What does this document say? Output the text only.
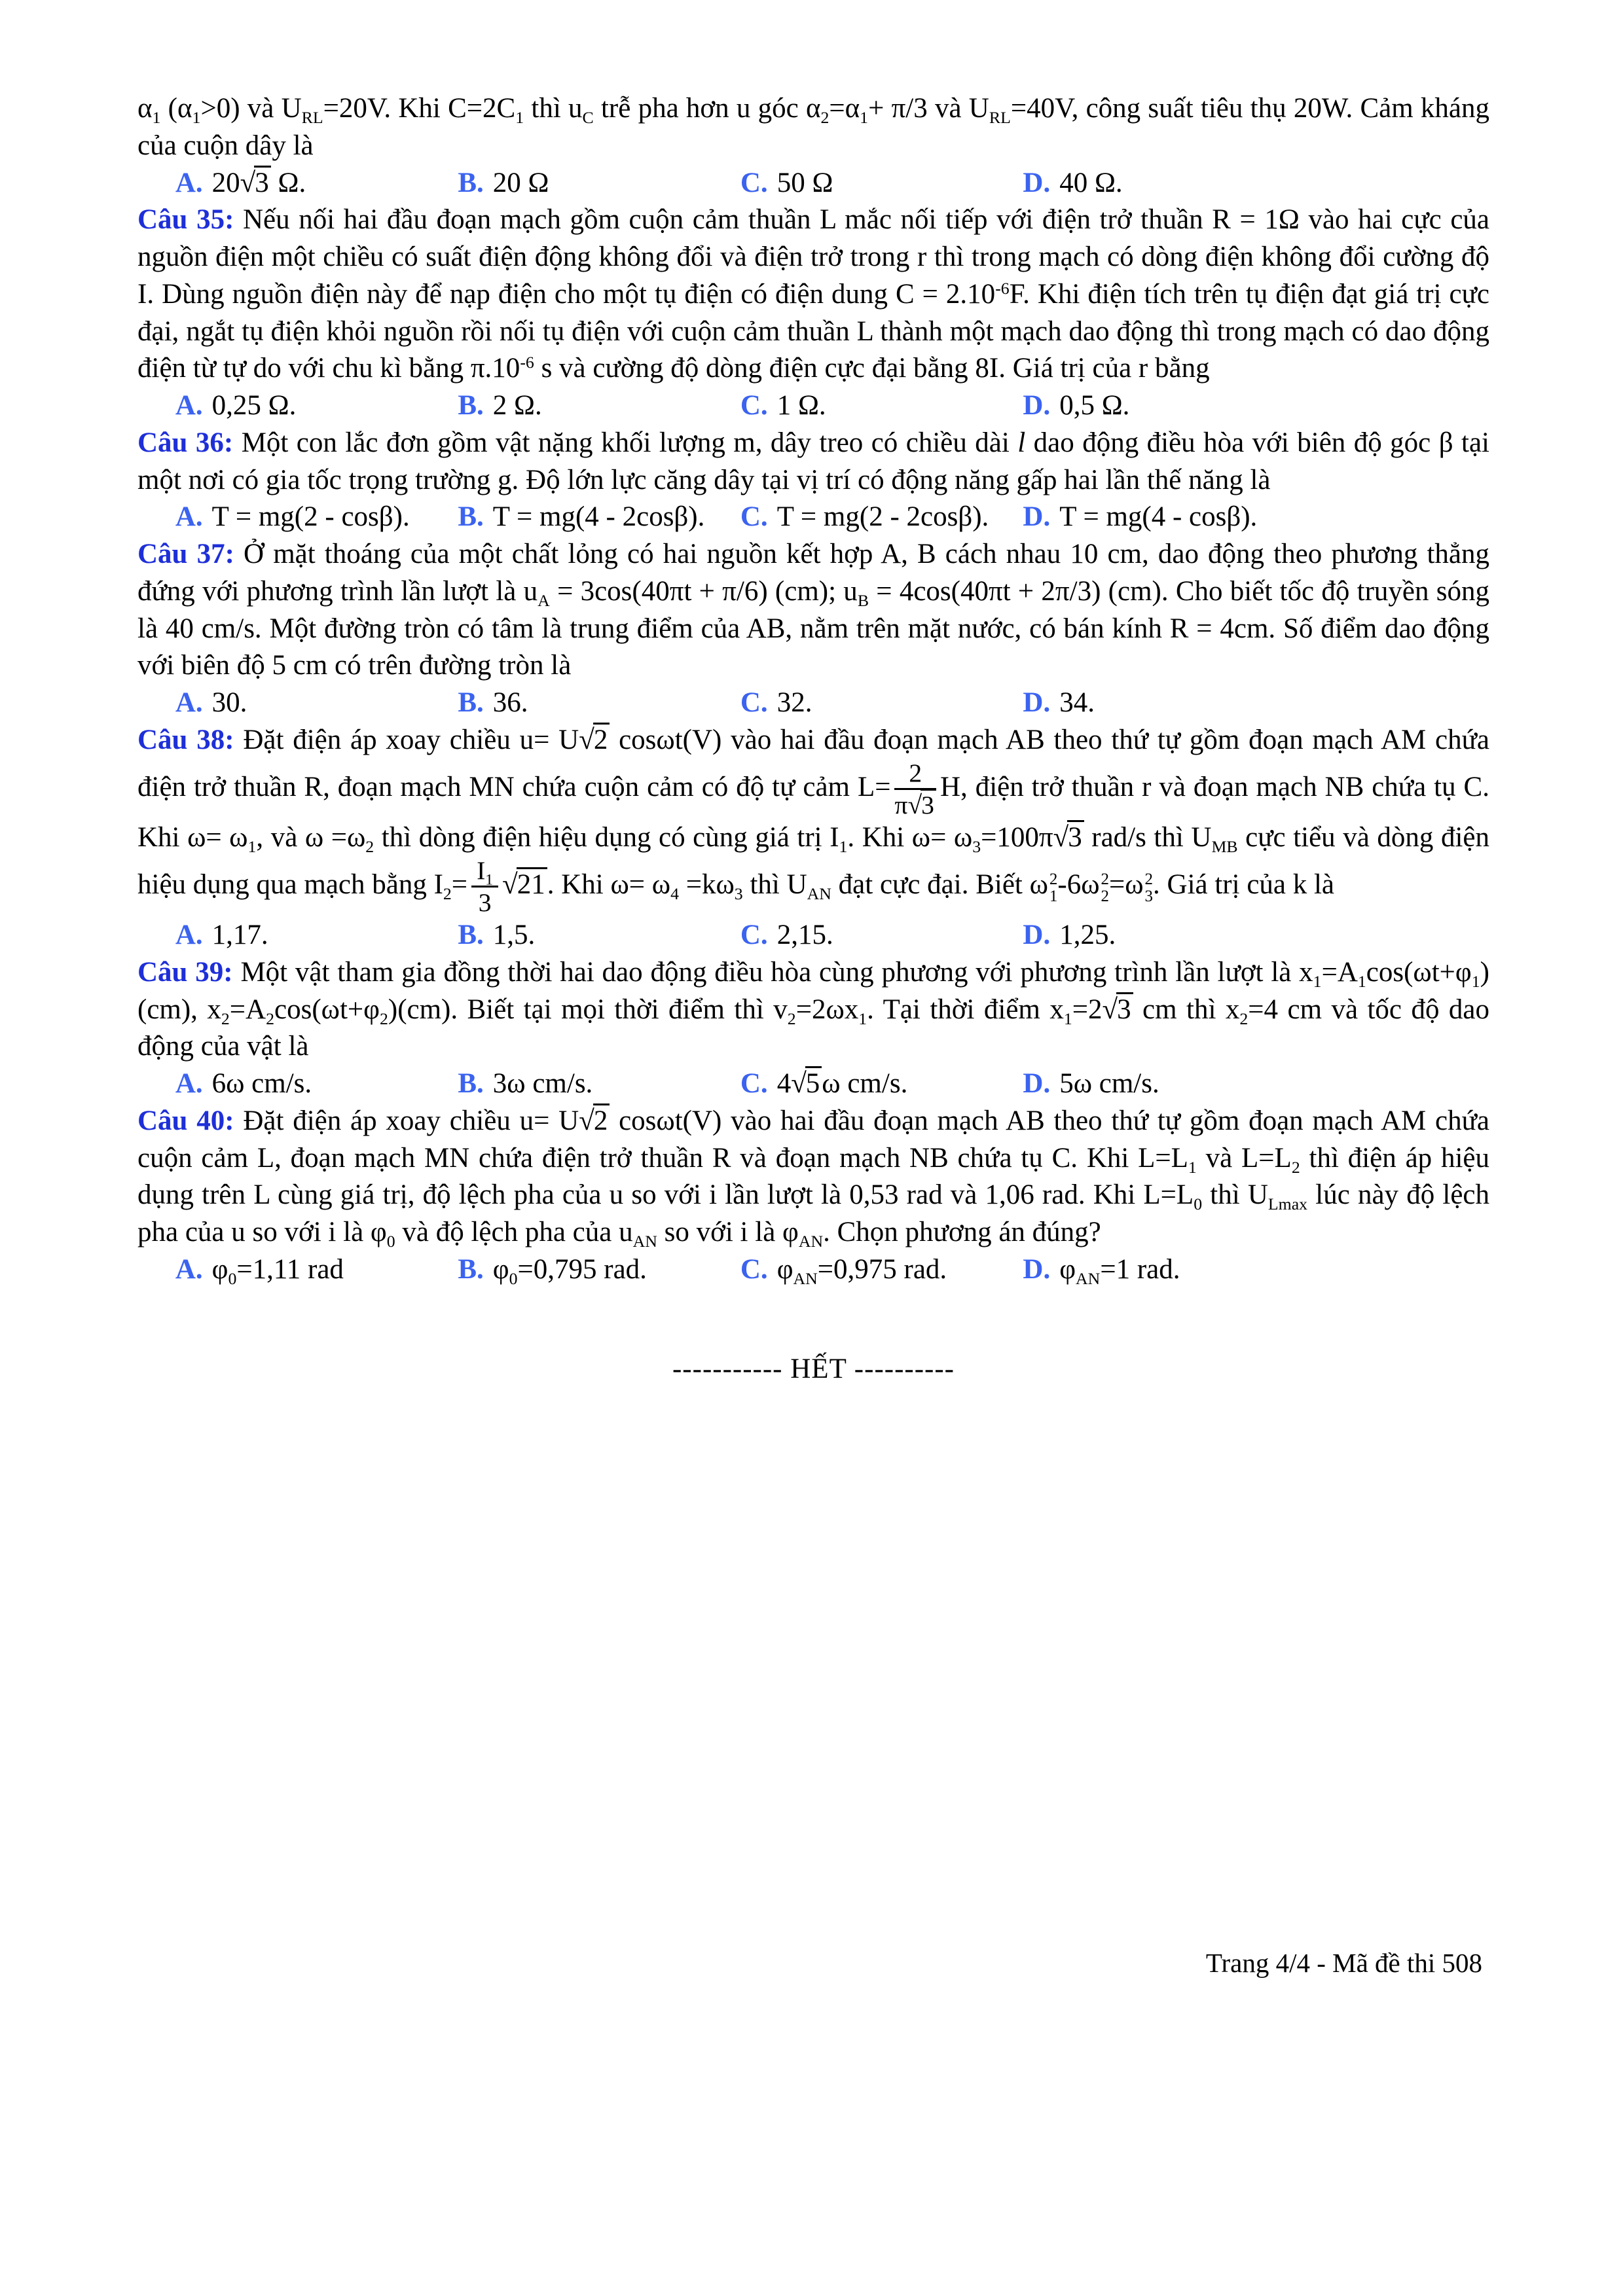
$\alpha_1$ $(\alpha_1>0)$ và $U_{RL}=20V$. Khi $C=2C_1$ thì $u_C$ trễ pha hơn u góc $\alpha_2=\alpha_1+ \pi/3$ và $U_{RL}=40V$, công suất tiêu thụ 20W. Cảm kháng của cuộn dây là

A. 20√3 Ω.	B. 20 Ω	C. 50 Ω	D. 40 Ω.

Câu 35: Nếu nối hai đầu đoạn mạch gồm cuộn cảm thuần L mắc nối tiếp với điện trở thuần R = 1Ω vào hai cực của nguồn điện một chiều có suất điện động không đổi và điện trở trong r thì trong mạch có dòng điện không đổi cường độ I. Dùng nguồn điện này để nạp điện cho một tụ điện có điện dung $C = 2.10^{-6}F$. Khi điện tích trên tụ điện đạt giá trị cực đại, ngắt tụ điện khỏi nguồn rồi nối tụ điện với cuộn cảm thuần L thành một mạch dao động thì trong mạch có dao động điện từ tự do với chu kì bằng $\pi.10^{-6}$ s và cường độ dòng điện cực đại bằng 8I. Giá trị của r bằng

A. 0,25 Ω.	B. 2 Ω.	C. 1 Ω.	D. 0,5 Ω.

Câu 36: Một con lắc đơn gồm vật nặng khối lượng m, dây treo có chiều dài l dao động điều hòa với biên độ góc β tại một nơi có gia tốc trọng trường g. Độ lớn lực căng dây tại vị trí có động năng gấp hai lần thế năng là

A. T = mg(2 - cosβ).	B. T = mg(4 - 2cosβ).	C. T = mg(2 - 2cosβ).	D. T = mg(4 - cosβ).

Câu 37: Ở mặt thoáng của một chất lỏng có hai nguồn kết hợp A, B cách nhau 10 cm, dao động theo phương thẳng đứng với phương trình lần lượt là $u_A = 3\cos(40\pi t + \pi/6)$ (cm); $u_B = 4\cos(40\pi t + 2\pi/3)$ (cm). Cho biết tốc độ truyền sóng là 40 cm/s. Một đường tròn có tâm là trung điểm của AB, nằm trên mặt nước, có bán kính R = 4cm. Số điểm dao động với biên độ 5 cm có trên đường tròn là

A. 30.	B. 36.	C. 32.	D. 34.

Câu 38: Đặt điện áp xoay chiều u= U√2 cosωt(V) vào hai đầu đoạn mạch AB theo thứ tự gồm đoạn mạch AM chứa điện trở thuần R, đoạn mạch MN chứa cuộn cảm có độ tự cảm $L= \frac{2}{\pi√3} H$, điện trở thuần r và đoạn mạch NB chứa tụ C. Khi $\omega= \omega_1$, và $\omega =\omega_2$ thì dòng điện hiệu dụng có cùng giá trị $I_1$. Khi $\omega= \omega_3=100\pi√3$ rad/s thì $U_{MB}$ cực tiểu và dòng điện hiệu dụng qua mạch bằng $I_2= \frac{I_1}{3} √21$. Khi $\omega= \omega_4 =k\omega_3$ thì $U_{AN}$ đạt cực đại. Biết ω 2
1 -6ω 2
2 =ω 2
3 . Giá trị của k là

A. 1,17.	B. 1,5.	C. 2,15.	D. 1,25.

Câu 39: Một vật tham gia đồng thời hai dao động điều hòa cùng phương với phương trình lần lượt là $x_1=A_1\cos(\omega t+\varphi_1)(cm)$, $x_2=A_2\cos(\omega t+\varphi_2)(cm)$. Biết tại mọi thời điểm thì $v_2=2\omega x_1$. Tại thời điểm $x_1=2√3$ cm thì $x_2=4$ cm và tốc độ dao động của vật là

A. 6ω cm/s.	B. 3ω cm/s.	C. 4√5ω cm/s.	D. 5ω cm/s.

Câu 40: Đặt điện áp xoay chiều u= U√2 cosωt(V) vào hai đầu đoạn mạch AB theo thứ tự gồm đoạn mạch AM chứa cuộn cảm L, đoạn mạch MN chứa điện trở thuần R và đoạn mạch NB chứa tụ C. Khi $L=L_1$ và $L=L_2$ thì điện áp hiệu dụng trên L cùng giá trị, độ lệch pha của u so với i lần lượt là 0,53 rad và 1,06 rad. Khi $L=L_0$ thì $U_{Lmax}$ lúc này độ lệch pha của u so với i là $\varphi_0$ và độ lệch pha của $u_{AN}$ so với i là $\varphi_{AN}$. Chọn phương án đúng?

A. $\varphi_0=1,11$ rad	B. $\varphi_0=0,795$ rad.	C. $\varphi_{AN}=0,975$ rad.	D. $\varphi_{AN}=1$ rad.
----------- HẾT ----------
Trang 4/4 - Mã đề thi 508
